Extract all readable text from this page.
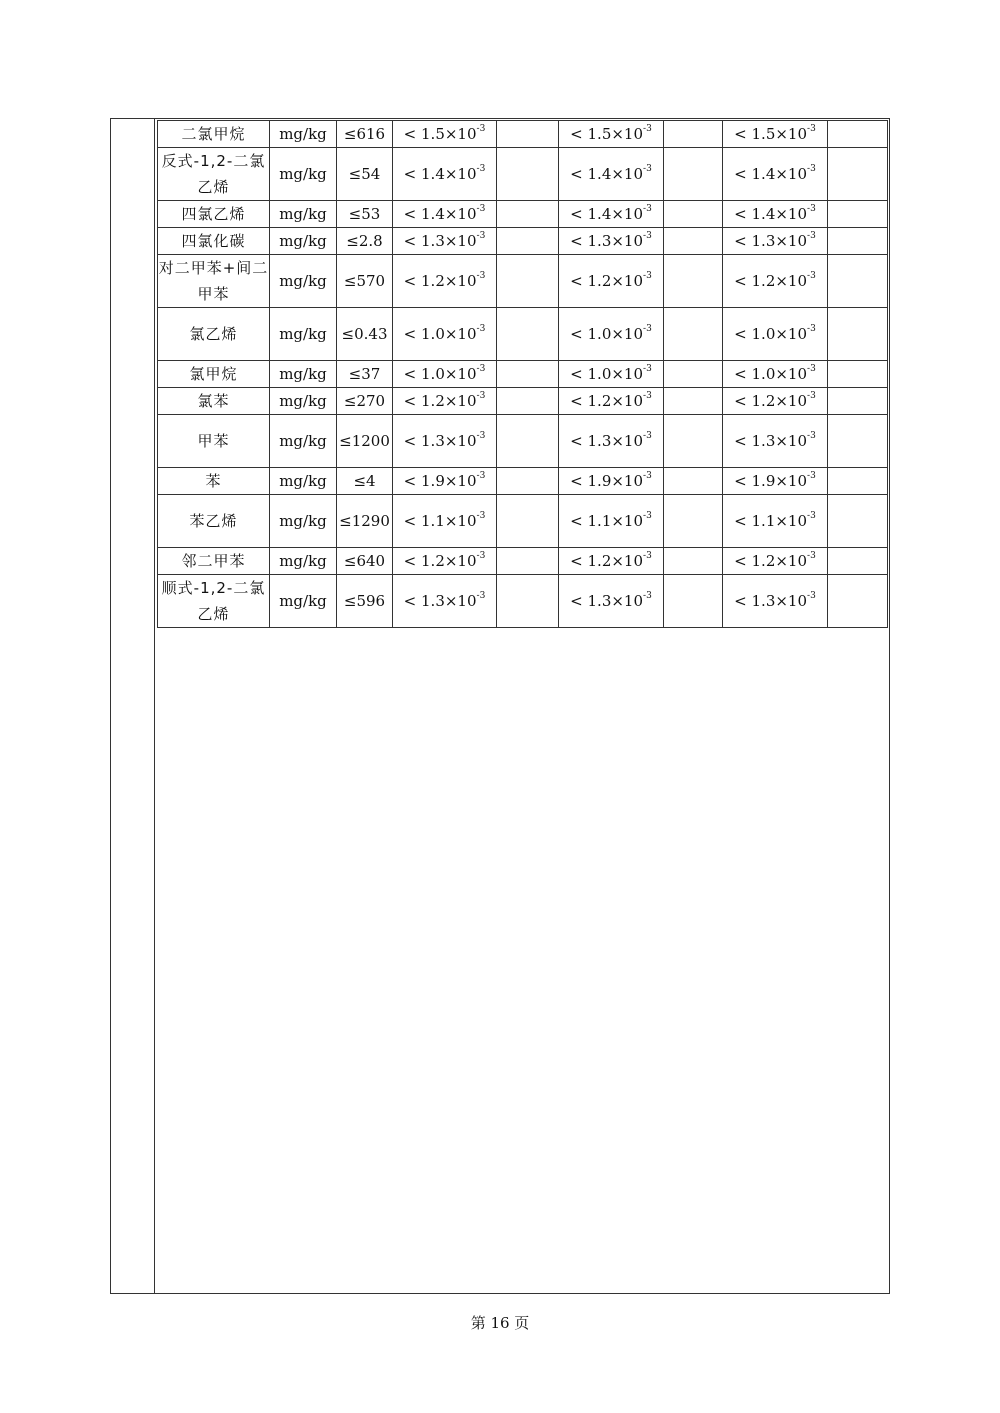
二氯甲烷	mg/kg	≤616	< $1.5\times 10^{-3}$		< $1.5\times 10^{-3}$		< $1.5\times 10^{-3}$	
反式-1,2-二氯乙烯	mg/kg	≤54	< $1.4\times 10^{-3}$		< $1.4\times 10^{-3}$		< $1.4\times 10^{-3}$	
四氯乙烯	mg/kg	≤53	< $1.4\times 10^{-3}$		< $1.4\times 10^{-3}$		< $1.4\times 10^{-3}$	
四氯化碳	mg/kg	≤2.8	< $1.3\times 10^{-3}$		< $1.3\times 10^{-3}$		< $1.3\times 10^{-3}$	
对二甲苯+间二甲苯	mg/kg	≤570	< $1.2\times 10^{-3}$		< $1.2\times 10^{-3}$		< $1.2\times 10^{-3}$	
氯乙烯	mg/kg	≤0.43	< $1.0\times 10^{-3}$		< $1.0\times 10^{-3}$		< $1.0\times 10^{-3}$	
氯甲烷	mg/kg	≤37	< $1.0\times 10^{-3}$		< $1.0\times 10^{-3}$		< $1.0\times 10^{-3}$	
氯苯	mg/kg	≤270	< $1.2\times 10^{-3}$		< $1.2\times 10^{-3}$		< $1.2\times 10^{-3}$	
甲苯	mg/kg	≤1200	< $1.3\times 10^{-3}$		< $1.3\times 10^{-3}$		< $1.3\times 10^{-3}$	
苯	mg/kg	≤4	< $1.9\times 10^{-3}$		< $1.9\times 10^{-3}$		< $1.9\times 10^{-3}$	
苯乙烯	mg/kg	≤1290	< $1.1\times 10^{-3}$		< $1.1\times 10^{-3}$		< $1.1\times 10^{-3}$	
邻二甲苯	mg/kg	≤640	< $1.2\times 10^{-3}$		< $1.2\times 10^{-3}$		< $1.2\times 10^{-3}$	
顺式-1,2-二氯乙烯	mg/kg	≤596	< $1.3\times 10^{-3}$		< $1.3\times 10^{-3}$		< $1.3\times 10^{-3}$	
第 16 页
